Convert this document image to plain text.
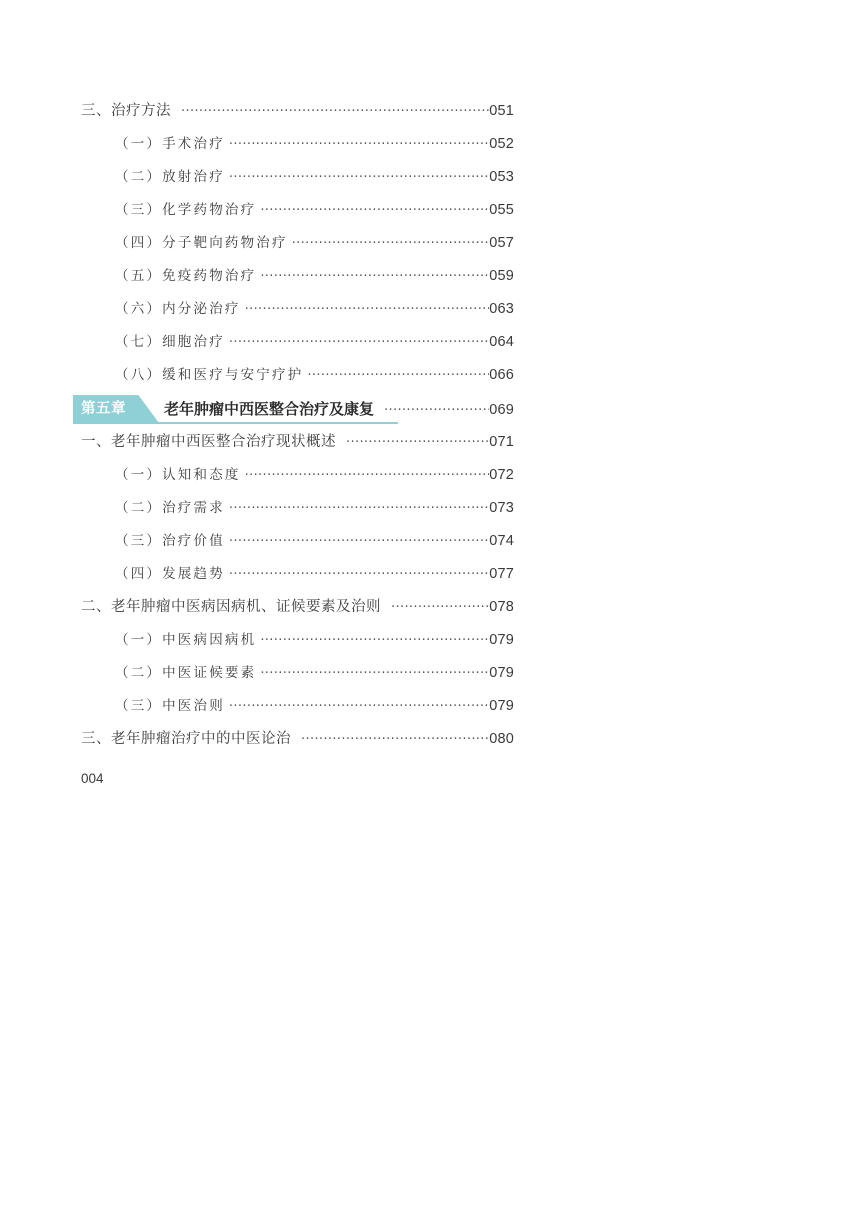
三、治疗方法 ·····	051
（一）手术治疗 ·····	052
（二）放射治疗 ·····	053
（三）化学药物治疗 ·····	055
（四）分子靶向药物治疗 ·····	057
（五）免疫药物治疗 ·····	059
（六）内分泌治疗 ·····	063
（七）细胞治疗 ·····	064
（八）缓和医疗与安宁疗护 ·····	066
第五章	老年肿瘤中西医整合治疗及康复 ·····	069
一、老年肿瘤中西医整合治疗现状概述 ·····	071
（一）认知和态度 ·····	072
（二）治疗需求 ·····	073
（三）治疗价值 ·····	074
（四）发展趋势 ·····	077
二、老年肿瘤中医病因病机、证候要素及治则 ·····	078
（一）中医病因病机 ·····	079
（二）中医证候要素 ·····	079
（三）中医治则 ·····	079
三、老年肿瘤治疗中的中医论治 ·····	080
004
